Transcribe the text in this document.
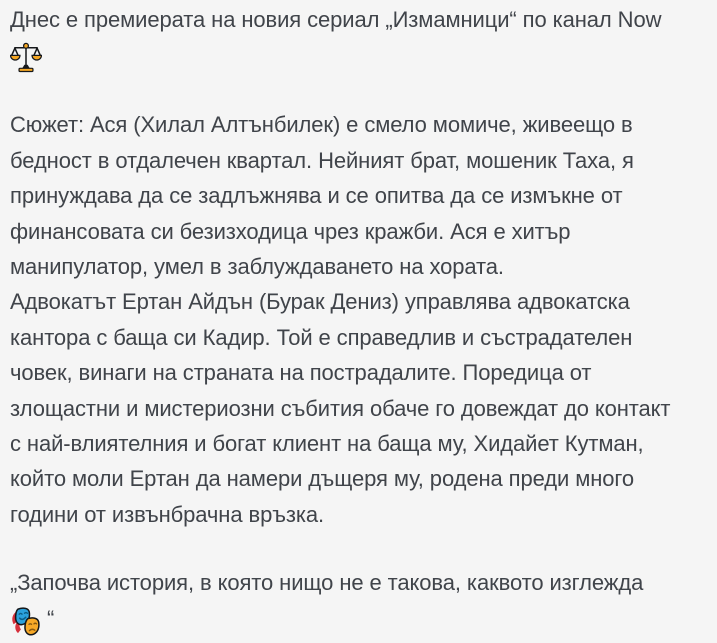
Днес е премиерата на новия сериал „Измамници“ по канал Now

Сюжет: Ася (Хилал Алтънбилек) е смело момиче, живеещо в
бедност в отдалечен квартал. Нейният брат, мошеник Таха, я
принуждава да се задлъжнява и се опитва да се измъкне от
финансовата си безизходица чрез кражби. Ася е хитър
манипулатор, умел в заблуждаването на хората.
Адвокатът Ертан Айдън (Бурак Дениз) управлява адвокатска
кантора с баща си Кадир. Той е справедлив и състрадателен
човек, винаги на страната на пострадалите. Поредица от
злощастни и мистериозни събития обаче го довеждат до контакт
с най-влиятелния и богат клиент на баща му, Хидайет Кутман,
който моли Ертан да намери дъщеря му, родена преди много
години от извънбрачна връзка.

„Започва история, в която нищо не е такова, каквото изглежда

“
